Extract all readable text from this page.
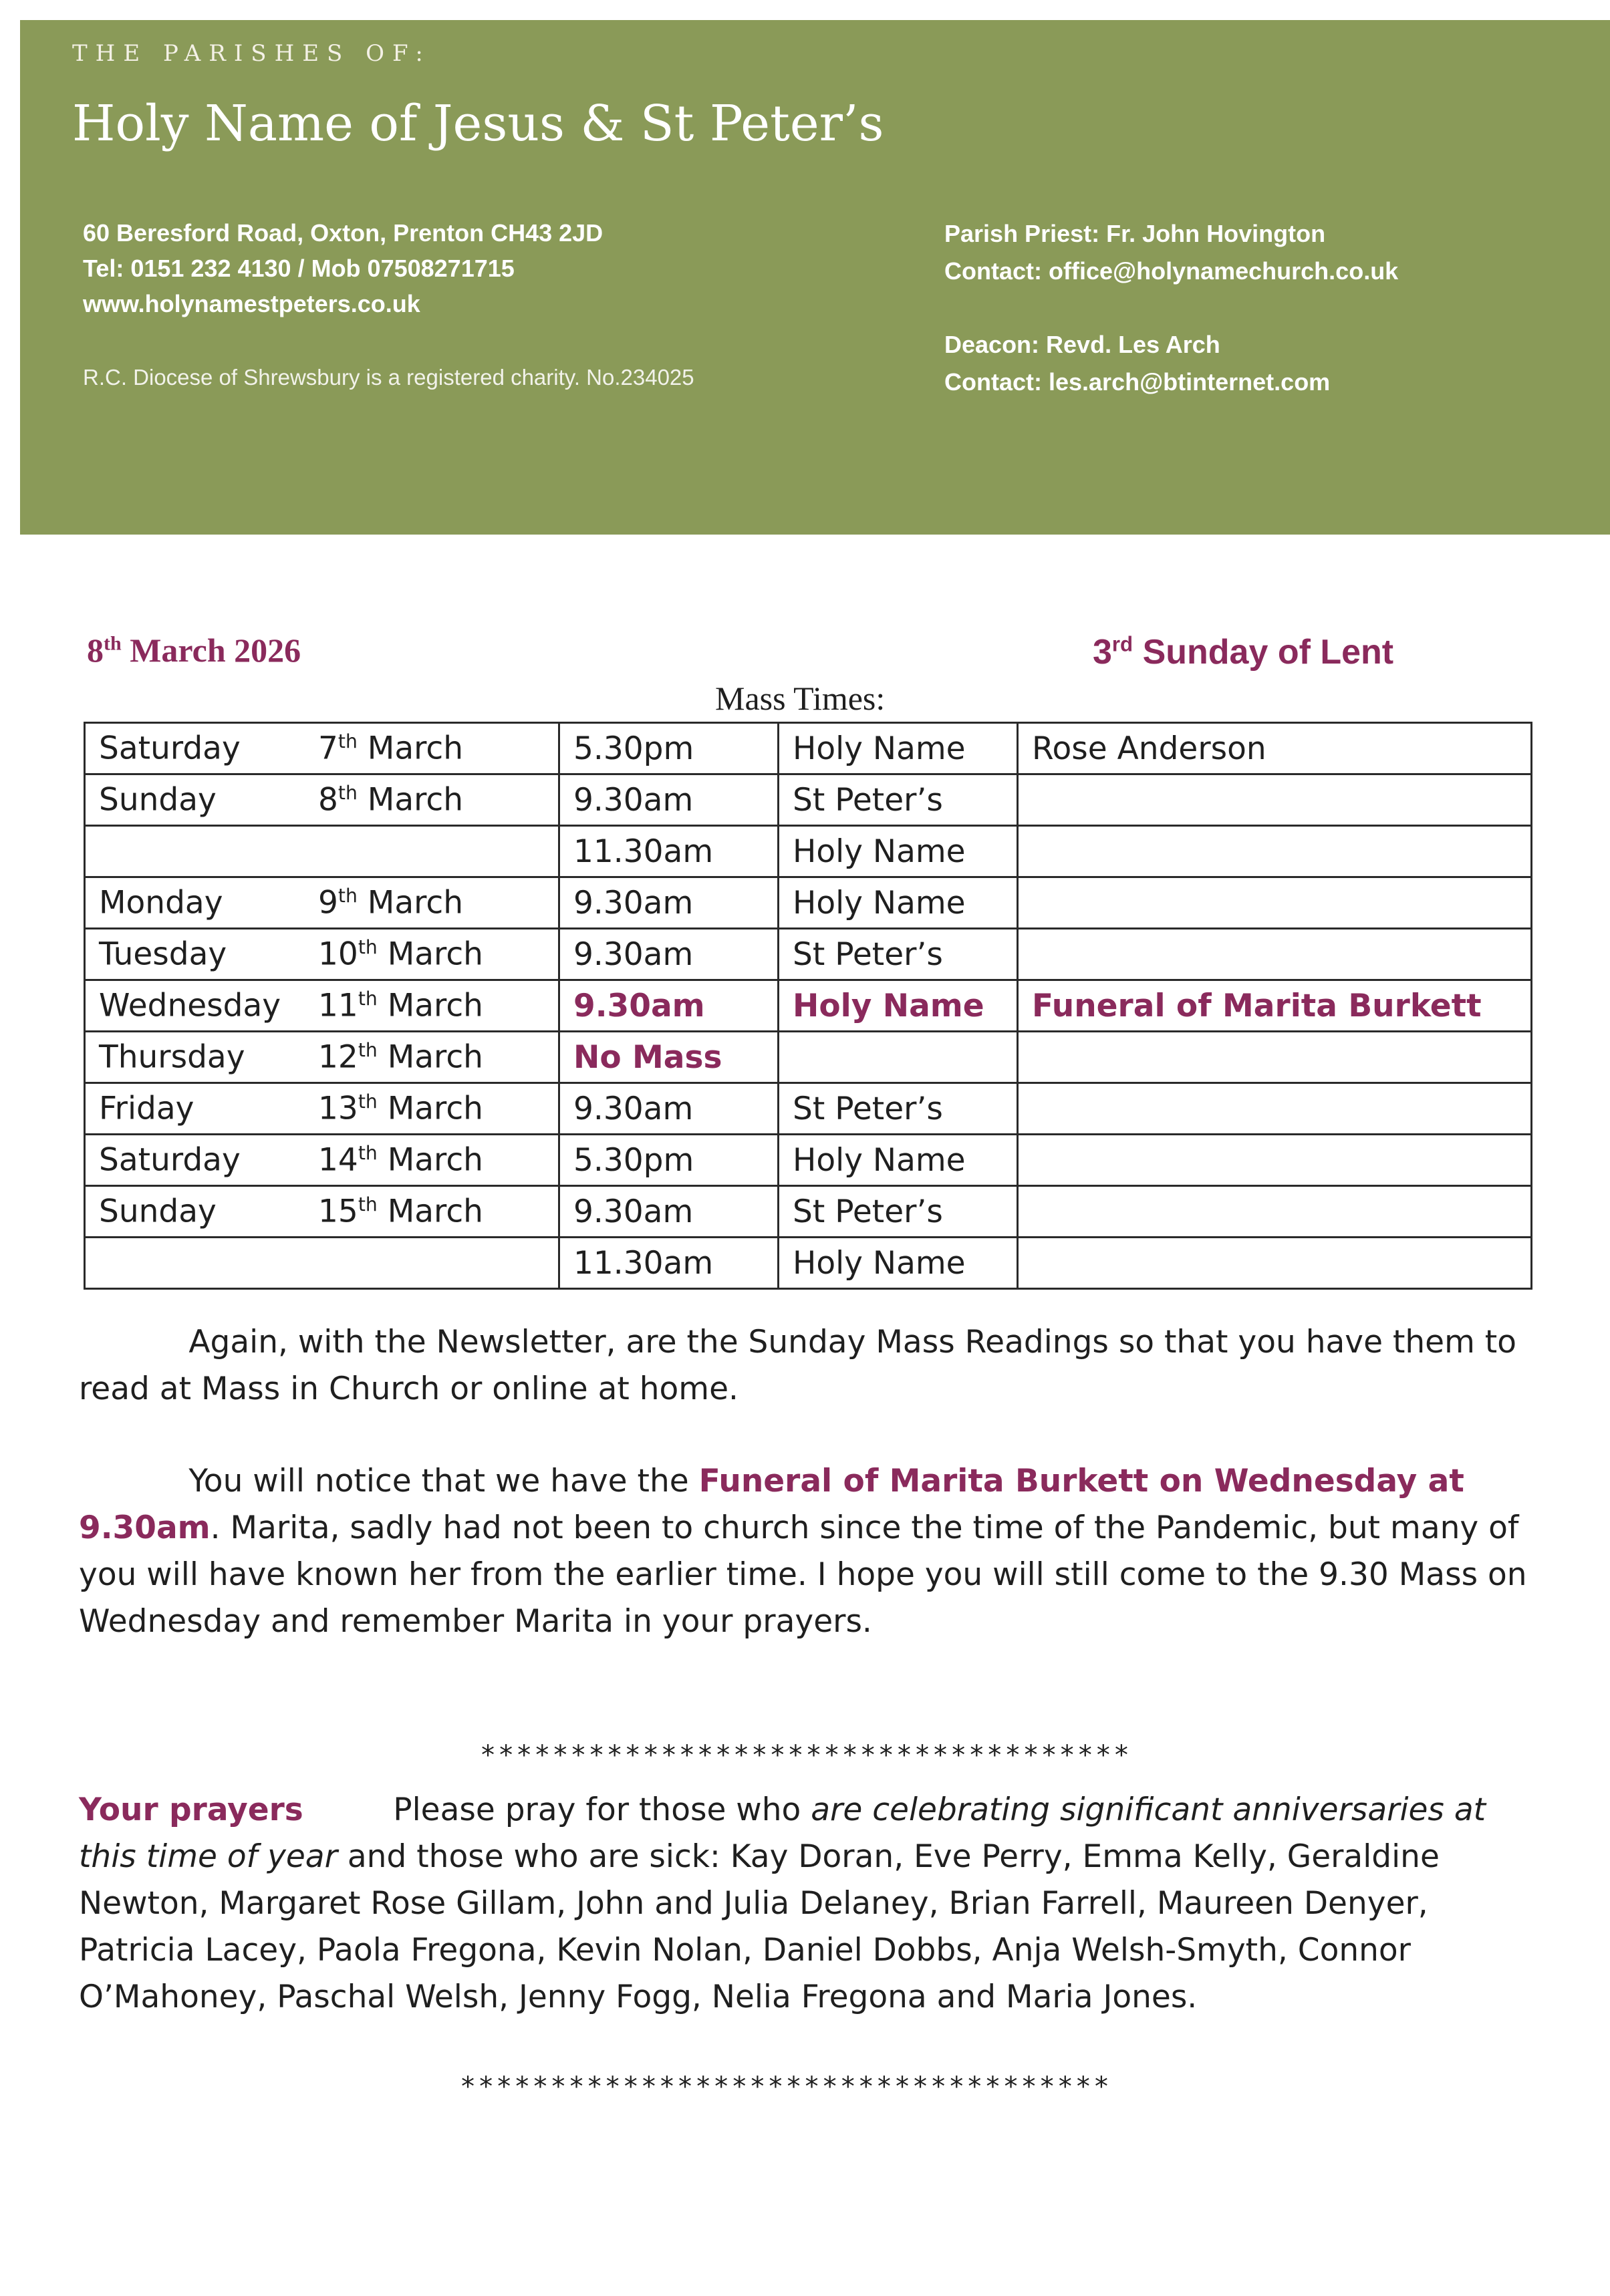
THE PARISHES OF:
Holy Name of Jesus & St Peter’s
60 Beresford Road, Oxton, Prenton CH43 2JD
Tel: 0151 232 4130 / Mob 07508271715
www.holynamestpeters.co.uk
R.C. Diocese of Shrewsbury is a registered charity. No.234025
Parish Priest: Fr. John Hovington
Contact: office@holynamechurch.co.uk
Deacon: Revd. Les Arch
Contact: les.arch@btinternet.com
8th March 2026	3rd Sunday of Lent
Mass Times:
Saturday 7th March	5.30pm	Holy Name	Rose Anderson

Sunday 8th March	9.30am	St Peter’s	

	11.30am	Holy Name	

Monday 9th March	9.30am	Holy Name	

Tuesday 10th March	9.30am	St Peter’s	

Wednesday 11th March	9.30am	Holy Name	Funeral of Marita Burkett

Thursday 12th March	No Mass		

Friday 13th March	9.30am	St Peter’s	

Saturday 14th March	5.30pm	Holy Name	

Sunday 15th March	9.30am	St Peter’s	

	11.30am	Holy Name	
Again, with the Newsletter, are the Sunday Mass Readings so that you have them to read at Mass in Church or online at home.
You will notice that we have the Funeral of Marita Burkett on Wednesday at 9.30am. Marita, sadly had not been to church since the time of the Pandemic, but many of you will have known her from the earlier time. I hope you will still come to the 9.30 Mass on Wednesday and remember Marita in your prayers.
************************************
Your prayers	Please pray for those who are celebrating significant anniversaries at this time of year and those who are sick: Kay Doran, Eve Perry, Emma Kelly, Geraldine Newton, Margaret Rose Gillam, John and Julia Delaney, Brian Farrell, Maureen Denyer, Patricia Lacey, Paola Fregona, Kevin Nolan, Daniel Dobbs, Anja Welsh-Smyth, Connor O’Mahoney, Paschal Welsh, Jenny Fogg, Nelia Fregona and Maria Jones.
************************************
